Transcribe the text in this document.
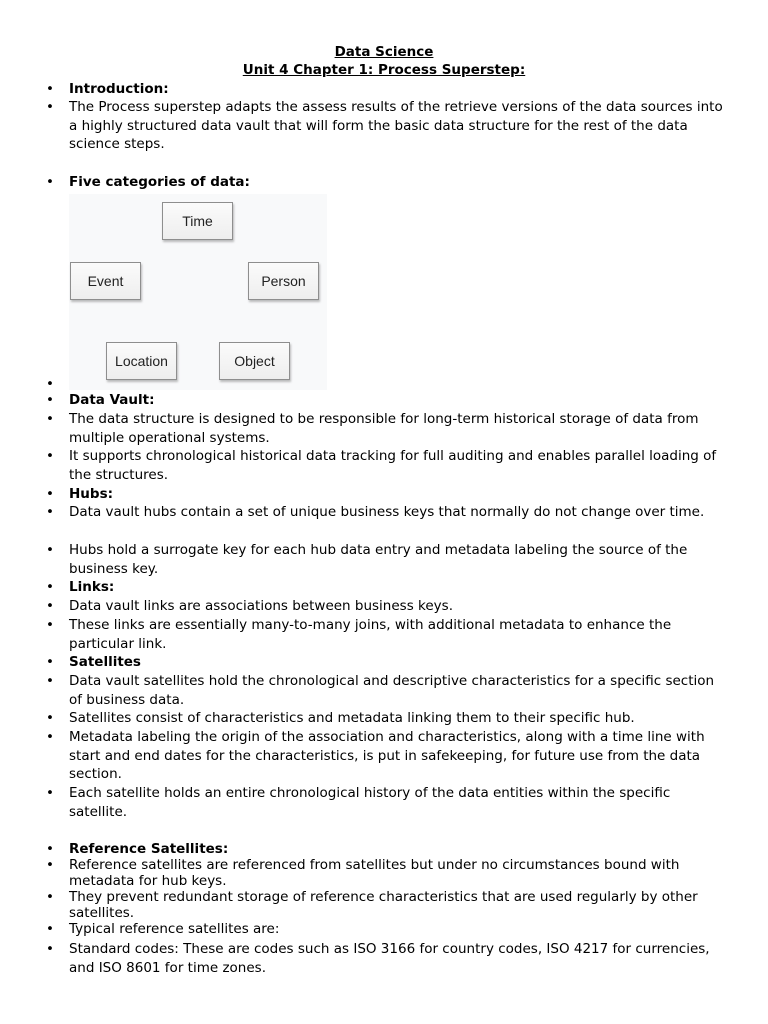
Data Science
Unit 4 Chapter 1: Process Superstep:
• Introduction:
• The Process superstep adapts the assess results of the retrieve versions of the data sources into a highly structured data vault that will form the basic data structure for the rest of the data science steps.
• Five categories of data:
Time
Event	Person
Location	Object
•
• Data Vault:
• The data structure is designed to be responsible for long-term historical storage of data from multiple operational systems.
• It supports chronological historical data tracking for full auditing and enables parallel loading of the structures.
• Hubs:
• Data vault hubs contain a set of unique business keys that normally do not change over time.
• Hubs hold a surrogate key for each hub data entry and metadata labeling the source of the business key.
• Links:
• Data vault links are associations between business keys.
• These links are essentially many-to-many joins, with additional metadata to enhance the particular link.
• Satellites
• Data vault satellites hold the chronological and descriptive characteristics for a specific section of business data.
• Satellites consist of characteristics and metadata linking them to their specific hub.
• Metadata labeling the origin of the association and characteristics, along with a time line with start and end dates for the characteristics, is put in safekeeping, for future use from the data section.
• Each satellite holds an entire chronological history of the data entities within the specific satellite.
• Reference Satellites:
• Reference satellites are referenced from satellites but under no circumstances bound with metadata for hub keys.
• They prevent redundant storage of reference characteristics that are used regularly by other satellites.
• Typical reference satellites are:
• Standard codes: These are codes such as ISO 3166 for country codes, ISO 4217 for currencies, and ISO 8601 for time zones.
